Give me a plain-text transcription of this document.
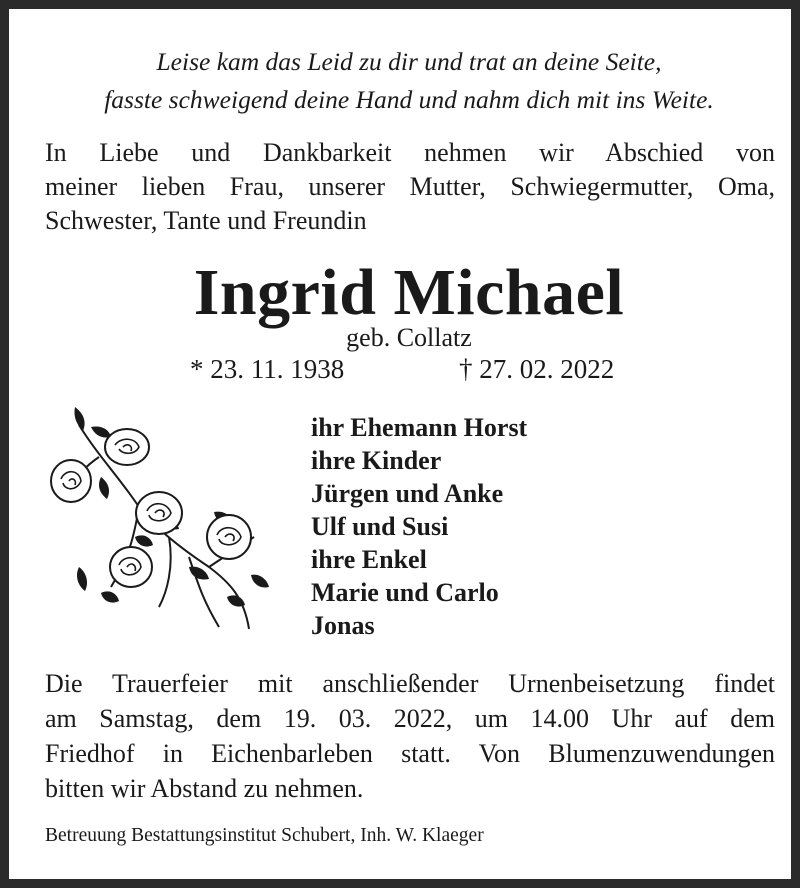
Leise kam das Leid zu dir und trat an deine Seite,
fasste schweigend deine Hand und nahm dich mit ins Weite.
In Liebe und Dankbarkeit nehmen wir Abschied von
meiner lieben Frau, unserer Mutter, Schwiegermutter, Oma,
Schwester, Tante und Freundin
Ingrid Michael
geb. Collatz
* 23. 11. 1938	† 27. 02. 2022
ihr Ehemann Horst
ihre Kinder
Jürgen und Anke
Ulf und Susi
ihre Enkel
Marie und Carlo
Jonas
Die Trauerfeier mit anschließender Urnenbeisetzung findet
am Samstag, dem 19. 03. 2022, um 14.00 Uhr auf dem
Friedhof in Eichenbarleben statt. Von Blumenzuwendungen
bitten wir Abstand zu nehmen.
Betreuung Bestattungsinstitut Schubert, Inh. W. Klaeger
